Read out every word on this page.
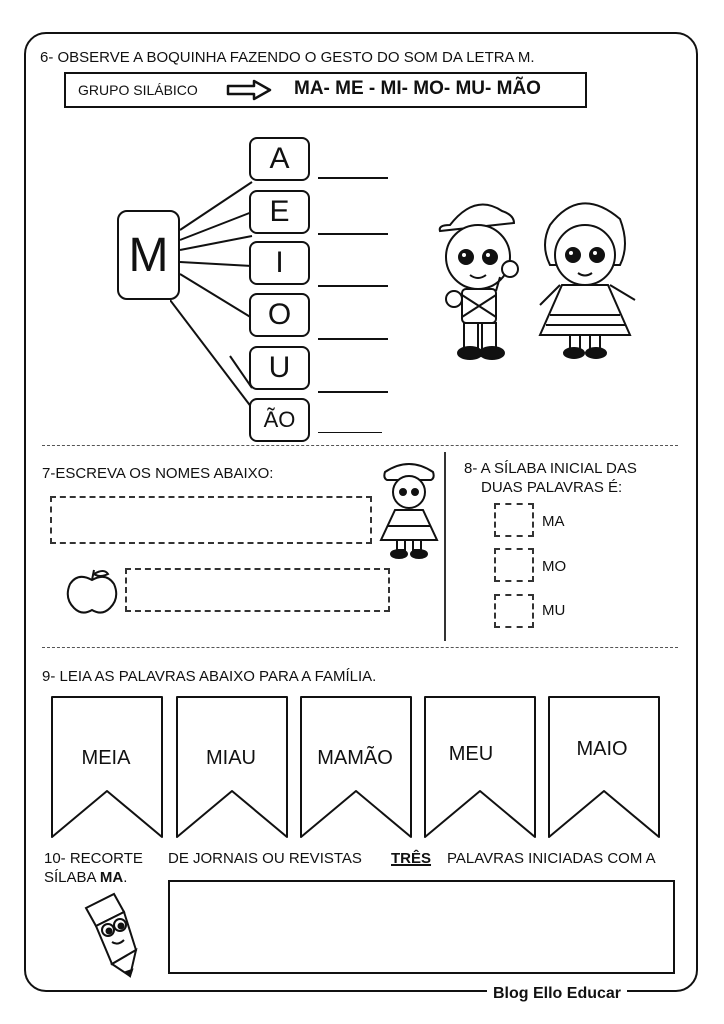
6- OBSERVE A BOQUINHA FAZENDO O GESTO DO SOM DA LETRA M.
GRUPO SILÁBICO	MA- ME - MI- MO- MU- MÃO
M
A
E
I
O
U
ÃO
7-ESCREVA OS NOMES ABAIXO:	8- A SÍLABA INICIAL DAS
DUAS PALAVRAS É:
MA
MO
MU
9- LEIA AS PALAVRAS ABAIXO PARA A FAMÍLIA.
MEIA	MIAU	MAMÃO	MEU	MAIO
10- RECORTE DE JORNAIS OU REVISTAS TRÊS PALAVRAS INICIADAS COM A
SÍLABA MA.
Blog Ello Educar
